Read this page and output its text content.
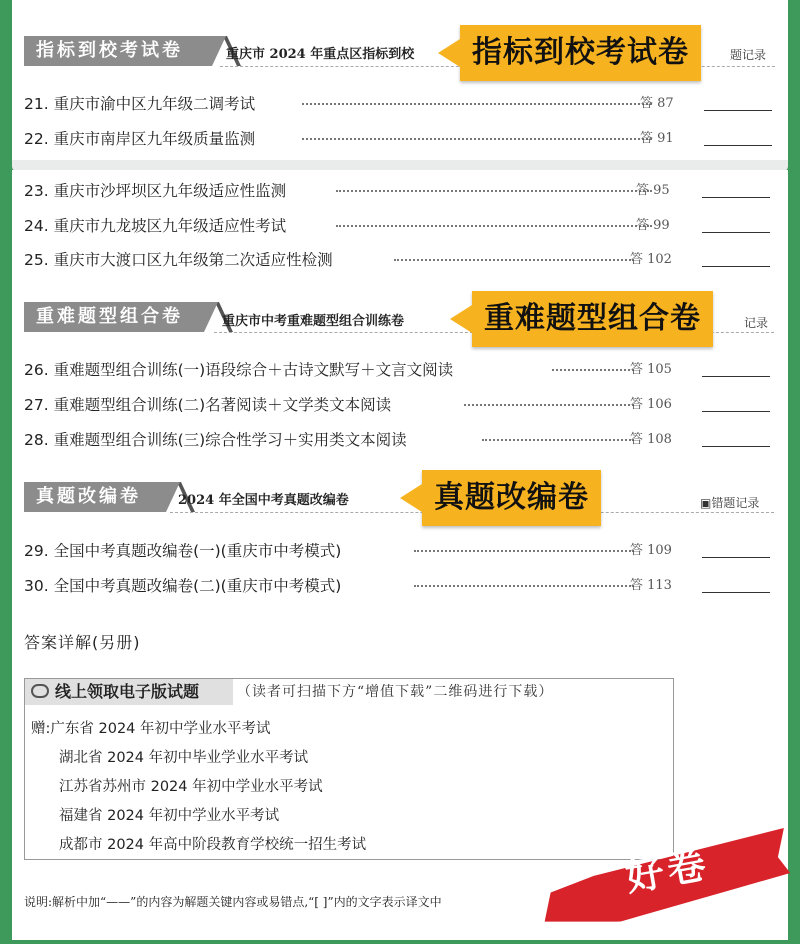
指标到校考试卷	重庆市 2024 年重点区指标到校	题记录
指标到校考试卷
21. 重庆市渝中区九年级二调考试	答 87
22. 重庆市南岸区九年级质量监测	答 91
23. 重庆市沙坪坝区九年级适应性监测	答 95
24. 重庆市九龙坡区九年级适应性考试	答 99
25. 重庆市大渡口区九年级第二次适应性检测	答 102
重难题型组合卷	重庆市中考重难题型组合训练卷	记录
重难题型组合卷
26. 重难题型组合训练(一)语段综合＋古诗文默写＋文言文阅读	答 105
27. 重难题型组合训练(二)名著阅读＋文学类文本阅读	答 106
28. 重难题型组合训练(三)综合性学习＋实用类文本阅读	答 108
真题改编卷	2024 年全国中考真题改编卷	▣错题记录
真题改编卷
29. 全国中考真题改编卷(一)(重庆市中考模式)	答 109
30. 全国中考真题改编卷(二)(重庆市中考模式)	答 113
答案详解(另册)
线上领取电子版试题	（读者可扫描下方“增值下载”二维码进行下载）
赠:广东省 2024 年初中学业水平考试
湖北省 2024 年初中毕业学业水平考试
江苏省苏州市 2024 年初中学业水平考试
福建省 2024 年初中学业水平考试
成都市 2024 年高中阶段教育学校统一招生考试
说明:解析中加“——”的内容为解题关键内容或易错点,“[ ]”内的文字表示译文中
好卷
